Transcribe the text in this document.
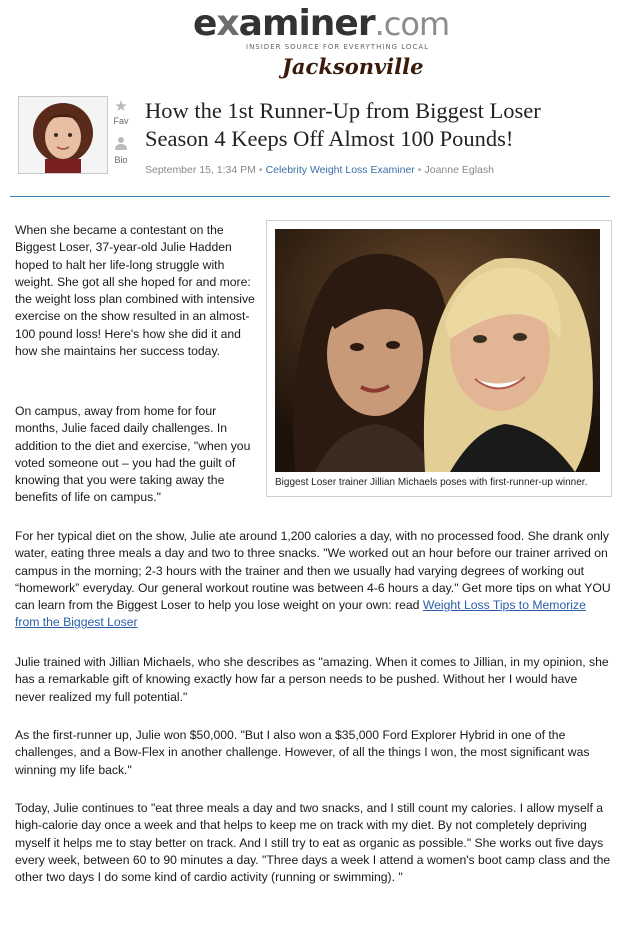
examiner.com
INSIDER SOURCE FOR EVERYTHING LOCAL
Jacksonville
★
Fav
Bio
How the 1st Runner-Up from Biggest Loser Season 4 Keeps Off Almost 100 Pounds!
September 15, 1:34 PM • Celebrity Weight Loss Examiner • Joanne Eglash
Biggest Loser trainer Jillian Michaels poses with first-runner-up winner.

When she became a contestant on the Biggest Loser, 37-year-old Julie Hadden hoped to halt her life-long struggle with weight. She got all she hoped for and more: the weight loss plan combined with intensive exercise on the show resulted in an almost-100 pound loss! Here's how she did it and how she maintains her success today.

On campus, away from home for four months, Julie faced daily challenges. In addition to the diet and exercise, "when you voted someone out – you had the guilt of knowing that you were taking away the benefits of life on campus."

For her typical diet on the show, Julie ate around 1,200 calories a day, with no processed food. She drank only water, eating three meals a day and two to three snacks. "We worked out an hour before our trainer arrived on campus in the morning; 2-3 hours with the trainer and then we usually had varying degrees of working out “homework” everyday. Our general workout routine was between 4-6 hours a day." Get more tips on what YOU can learn from the Biggest Loser to help you lose weight on your own: read Weight Loss Tips to Memorize from the Biggest Loser

Julie trained with Jillian Michaels, who she describes as "amazing. When it comes to Jillian, in my opinion, she has a remarkable gift of knowing exactly how far a person needs to be pushed. Without her I would have never realized my full potential."

As the first-runner up, Julie won $50,000. "But I also won a $35,000 Ford Explorer Hybrid in one of the challenges, and a Bow-Flex in another challenge. However, of all the things I won, the most significant was winning my life back."

Today, Julie continues to "eat three meals a day and two snacks, and I still count my calories. I allow myself a high-calorie day once a week and that helps to keep me on track with my diet. By not completely depriving myself it helps me to stay better on track. And I still try to eat as organic as possible." She works out five days every week, between 60 to 90 minutes a day. "Three days a week I attend a women's boot camp class and the other two days I do some kind of cardio activity (running or swimming). "
